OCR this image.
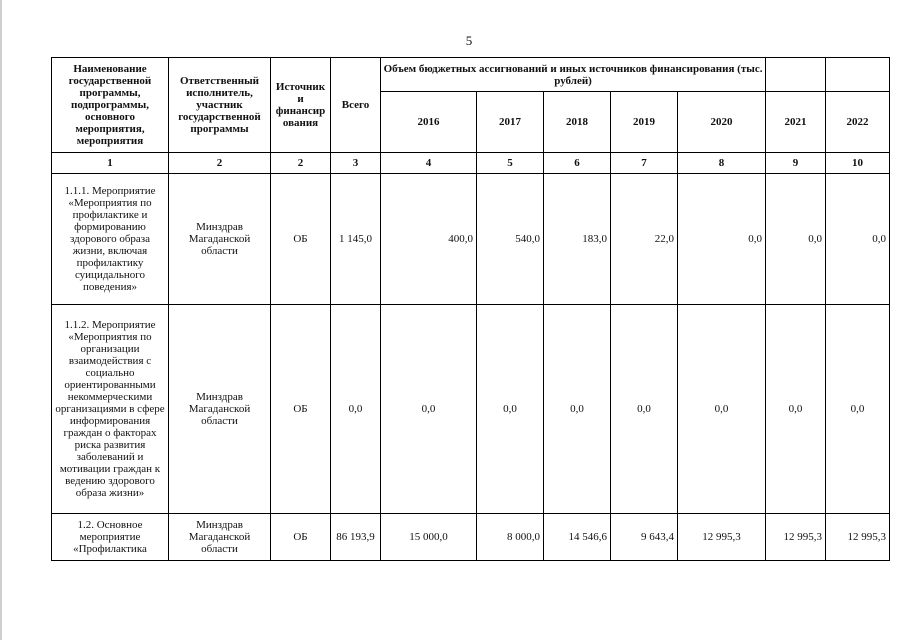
5
Наименование государственной программы, подпрограммы, основного мероприятия, мероприятия	Ответственный исполнитель, участник государственной программы	Источник и финансир ования	Всего	Объем бюджетных ассигнований и иных источников финансирования (тыс. рублей)						
				2016	2017	2018	2019	2020	2021	2022
1	2	2	3	4	5	6	7	8	9	10
1.1.1. Мероприятие «Мероприятия по профилактике и формированию здорового образа жизни, включая профилактику суицидального поведения»	Минздрав Магаданской области	ОБ	1 145,0	400,0	540,0	183,0	22,0	0,0	0,0	0,0
1.1.2. Мероприятие «Мероприятия по организации взаимодействия с социально ориентированными некоммерческими организациями в сфере информирования граждан о факторах риска развития заболеваний и мотивации граждан к ведению здорового образа жизни»	Минздрав Магаданской области	ОБ	0,0	0,0	0,0	0,0	0,0	0,0	0,0	0,0
1.2. Основное мероприятие «Профилактика	Минздрав Магаданской области	ОБ	86 193,9	15 000,0	8 000,0	14 546,6	9 643,4	12 995,3	12 995,3	12 995,3
